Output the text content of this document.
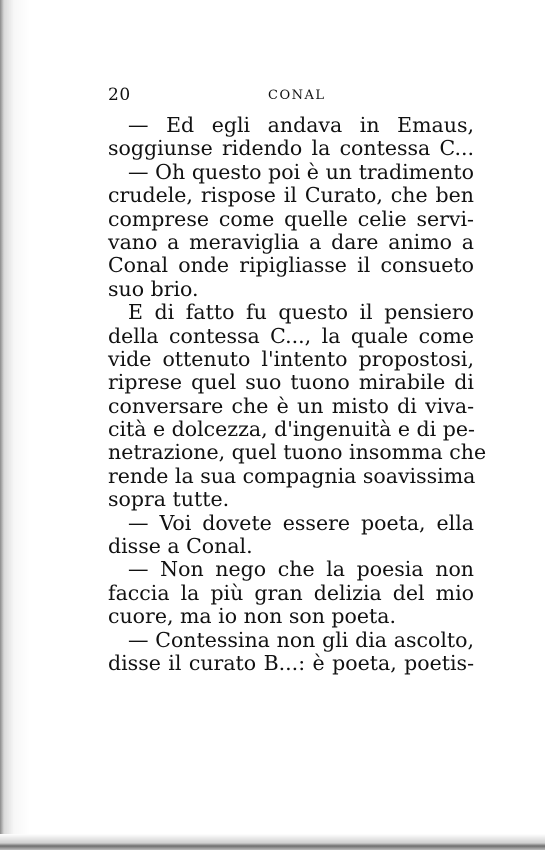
20	CONAL
— Ed egli andava in Emaus,
soggiunse ridendo la contessa C...
— Oh questo poi è un tradimento
crudele, rispose il Curato, che ben
comprese come quelle celie servi-
vano a meraviglia a dare animo a
Conal onde ripigliasse il consueto
suo brio.
E di fatto fu questo il pensiero
della contessa C..., la quale come
vide ottenuto l'intento propostosi,
riprese quel suo tuono mirabile di
conversare che è un misto di viva-
cità e dolcezza, d'ingenuità e di pe-
netrazione, quel tuono insomma che
rende la sua compagnia soavissima
sopra tutte.
— Voi dovete essere poeta, ella
disse a Conal.
— Non nego che la poesia non
faccia la più gran delizia del mio
cuore, ma io non son poeta.
— Contessina non gli dia ascolto,
disse il curato B...: è poeta, poetis-
